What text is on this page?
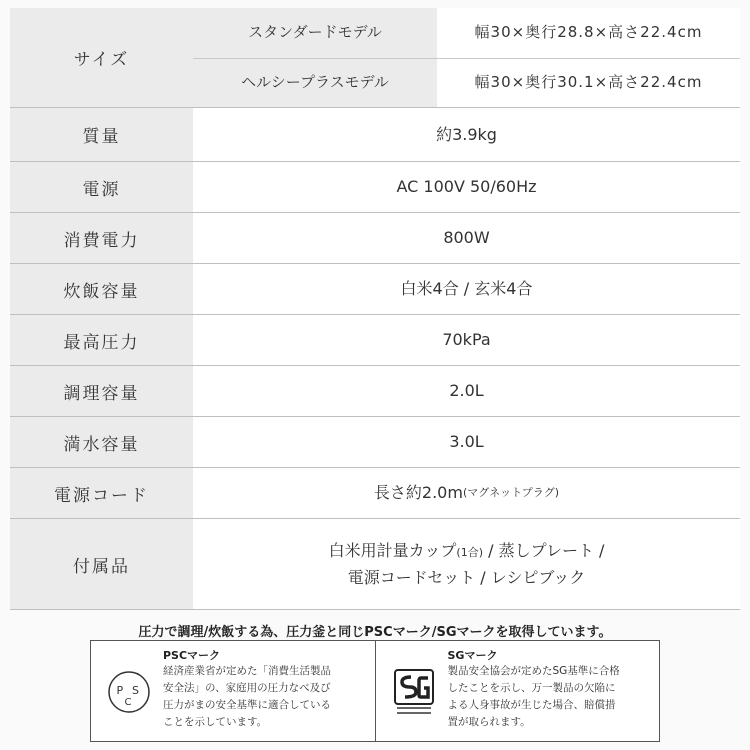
サイズ
スタンダードモデル	幅30×奥行28.8×高さ22.4cm
ヘルシープラスモデル	幅30×奥行30.1×高さ22.4cm
質量	約3.9kg
電源	AC 100V 50/60Hz
消費電力	800W
炊飯容量	白米4合 / 玄米4合
最高圧力	70kPa
調理容量	2.0L
満水容量	3.0L
電源コード	長さ約2.0m (マグネットプラグ)
付属品
白米用計量カップ(1合) / 蒸しプレート /
電源コードセット / レシピブック
圧力で調理/炊飯する為、圧力釜と同じPSCマーク/SGマークを取得しています。
P S
C
PSCマーク
経済産業省が定めた「消費生活製品
安全法」の、家庭用の圧力なべ及び
圧力がまの安全基準に適合している
ことを示しています。
SGマーク
製品安全協会が定めたSG基準に合格
したことを示し、万一製品の欠陥に
よる人身事故が生じた場合、賠償措
置が取られます。
